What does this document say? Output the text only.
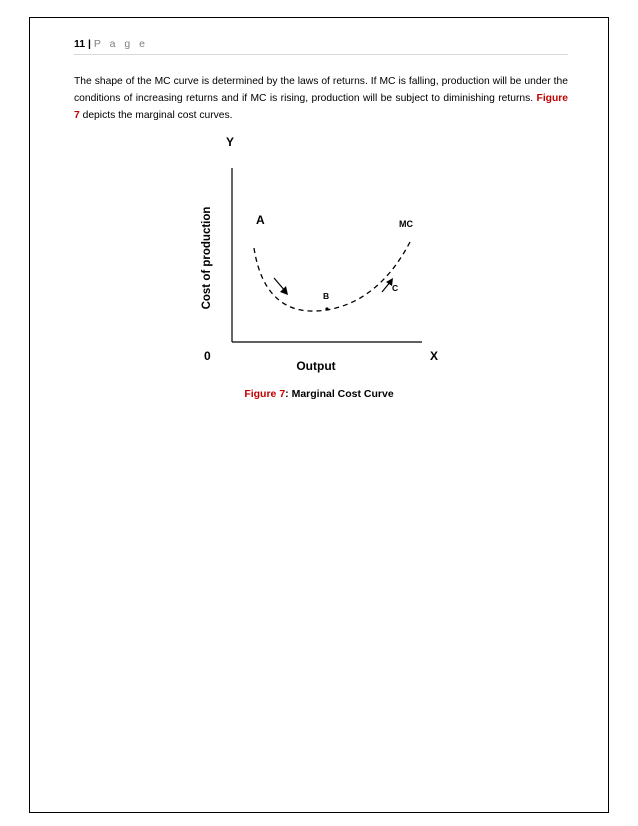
11 | P a g e
The shape of the MC curve is determined by the laws of returns. If MC is falling, production will be under the conditions of increasing returns and if MC is rising, production will be subject to diminishing returns. Figure 7 depicts the marginal cost curves.
Y
X
0
Cost of production
Output
A	MC
B
C
Figure 7: Marginal Cost Curve
